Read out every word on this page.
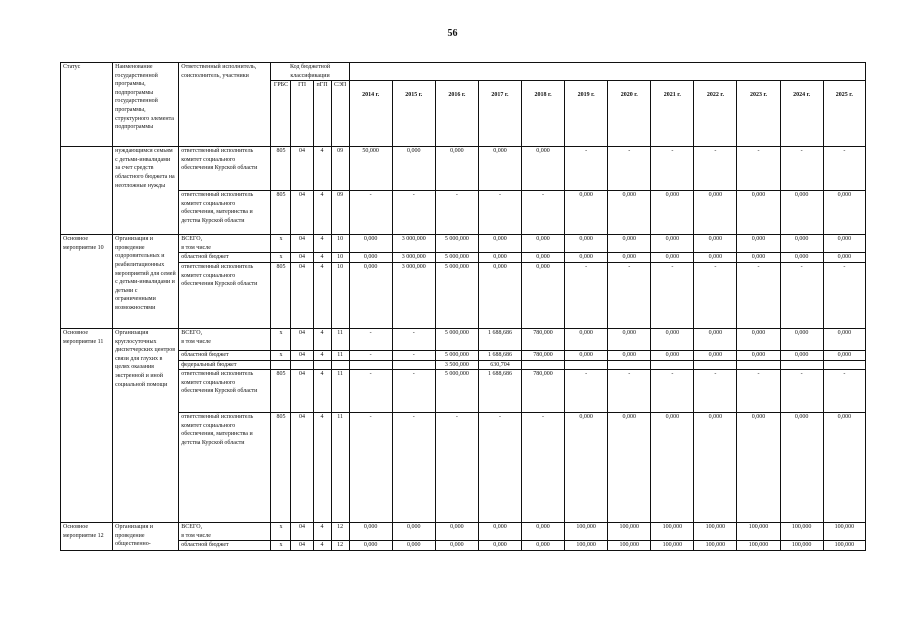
56
Статус	Наименование государственной программы, подпрограммы государственной программы, структурного элемента подпрограммы	Ответственный исполнитель, соисполнитель, участники	Код бюджетной классификации															
			ГРБС	ГП	пГП	СЭП	2014 г.	2015 г.	2016 г.	2017 г.	2018 г.	2019 г.	2020 г.	2021 г.	2022 г.	2023 г.	2024 г.	2025 г.
	нуждающимся семьям с детьми-инвалидами за счет средств областного бюджета на неотложные нужды	ответственный исполнитель
комитет социального обеспечения Курской области	805	04	4	09	50,000	0,000	0,000	0,000	0,000	-	-	-	-	-	-	-

		ответственный исполнитель
комитет социального обеспечения, материнства и детства Курской области	805	04	4	09	-	-	-	-	-	0,000	0,000	0,000	0,000	0,000	0,000	0,000
Основное мероприятие 10	Организация и проведение оздоровительных и реабилитационных мероприятий для семей с детьми-инвалидами и детьми с ограниченными возможностями	ВСЕГО,
в том числе	х	04	4	10	0,000	3 000,000	5 000,000	0,000	0,000	0,000	0,000	0,000	0,000	0,000	0,000	0,000

		областной бюджет	х	04	4	10	0,000	3 000,000	5 000,000	0,000	0,000	0,000	0,000	0,000	0,000	0,000	0,000	0,000

		ответственный исполнитель
комитет социального обеспечения Курской области	805	04	4	10	0,000	3 000,000	5 000,000	0,000	0,000	-	-	-	-	-	-	-
Основное мероприятие 11	Организация круглосуточных диспетчерских центров связи для глухих в целях оказания экстренной и иной социальной помощи	ВСЕГО,
в том числе	х	04	4	11	-	-	5 000,000	1 688,686	780,000	0,000	0,000	0,000	0,000	0,000	0,000	0,000

		областной бюджет	х	04	4	11	-	-	5 000,000	1 688,686	780,000	0,000	0,000	0,000	0,000	0,000	0,000	0,000

		федеральный бюджет							3 500,000	630,704								

		ответственный исполнитель
комитет социального обеспечения Курской области	805	04	4	11	-	-	5 000,000	1 688,686	780,000	-	-	-	-	-	-	-

		ответственный исполнитель
комитет социального обеспечения, материнства и детства Курской области	805	04	4	11	-	-	-	-	-	0,000	0,000	0,000	0,000	0,000	0,000	0,000

Основное мероприятие 12	Организация и проведение общественно-	ВСЕГО,
в том числе	х	04	4	12	0,000	0,000	0,000	0,000	0,000	100,000	100,000	100,000	100,000	100,000	100,000	100,000

		областной бюджет	х	04	4	12	0,000	0,000	0,000	0,000	0,000	100,000	100,000	100,000	100,000	100,000	100,000	100,000
